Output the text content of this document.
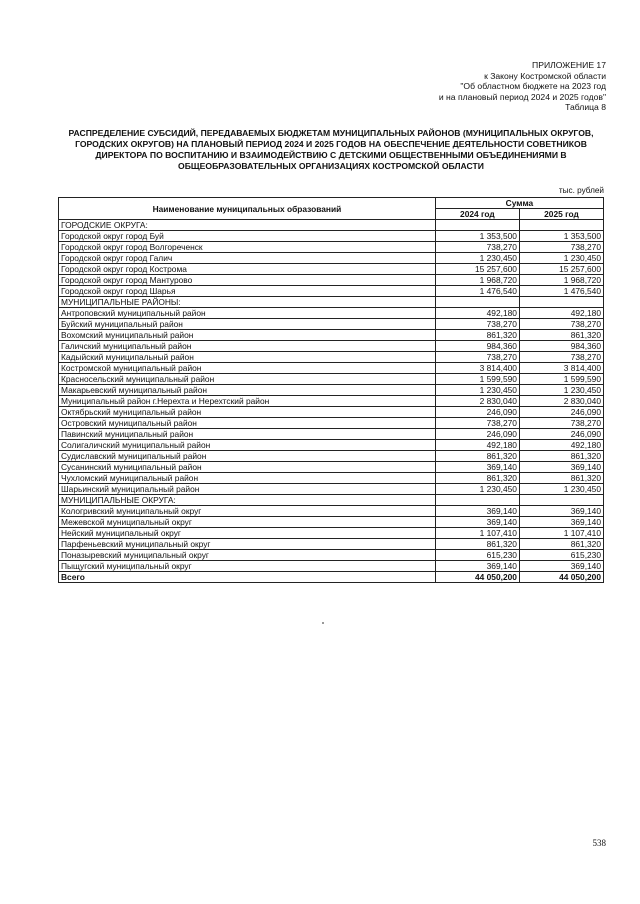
ПРИЛОЖЕНИЕ 17
к Закону Костромской области
"Об областном бюджете на 2023 год
и на плановый период 2024 и 2025 годов"
Таблица 8
РАСПРЕДЕЛЕНИЕ СУБСИДИЙ, ПЕРЕДАВАЕМЫХ БЮДЖЕТАМ МУНИЦИПАЛЬНЫХ РАЙОНОВ (МУНИЦИПАЛЬНЫХ ОКРУГОВ, ГОРОДСКИХ ОКРУГОВ) НА ПЛАНОВЫЙ ПЕРИОД 2024 И 2025 ГОДОВ НА ОБЕСПЕЧЕНИЕ ДЕЯТЕЛЬНОСТИ СОВЕТНИКОВ ДИРЕКТОРА ПО ВОСПИТАНИЮ И ВЗАИМОДЕЙСТВИЮ С ДЕТСКИМИ ОБЩЕСТВЕННЫМИ ОБЪЕДИНЕНИЯМИ В ОБЩЕОБРАЗОВАТЕЛЬНЫХ ОРГАНИЗАЦИЯХ КОСТРОМСКОЙ ОБЛАСТИ
тыс. рублей
Наименование муниципальных образований	Сумма	
	2024 год	2025 год
ГОРОДСКИЕ ОКРУГА:		
Городской округ город Буй	1 353,500	1 353,500
Городской округ город Волгореченск	738,270	738,270
Городской округ город Галич	1 230,450	1 230,450
Городской округ город Кострома	15 257,600	15 257,600
Городской округ город Мантурово	1 968,720	1 968,720
Городской округ город Шарья	1 476,540	1 476,540
МУНИЦИПАЛЬНЫЕ РАЙОНЫ:		
Антроповский муниципальный район	492,180	492,180
Буйский муниципальный район	738,270	738,270
Вохомский муниципальный район	861,320	861,320
Галичский муниципальный район	984,360	984,360
Кадыйский муниципальный район	738,270	738,270
Костромской муниципальный район	3 814,400	3 814,400
Красносельский муниципальный район	1 599,590	1 599,590
Макарьевский муниципальный район	1 230,450	1 230,450
Муниципальный район г.Нерехта и Нерехтский район	2 830,040	2 830,040
Октябрьский муниципальный район	246,090	246,090
Островский муниципальный район	738,270	738,270
Павинский муниципальный район	246,090	246,090
Солигаличский муниципальный район	492,180	492,180
Судиславский муниципальный район	861,320	861,320
Сусанинский муниципальный район	369,140	369,140
Чухломский муниципальный район	861,320	861,320
Шарьинский муниципальный район	1 230,450	1 230,450
МУНИЦИПАЛЬНЫЕ ОКРУГА:		
Кологривский муниципальный округ	369,140	369,140
Межевской муниципальный округ	369,140	369,140
Нейский муниципальный округ	1 107,410	1 107,410
Парфеньевский муниципальный округ	861,320	861,320
Поназыревский муниципальный округ	615,230	615,230
Пыщугский муниципальный округ	369,140	369,140
Всего	44 050,200	44 050,200
538
